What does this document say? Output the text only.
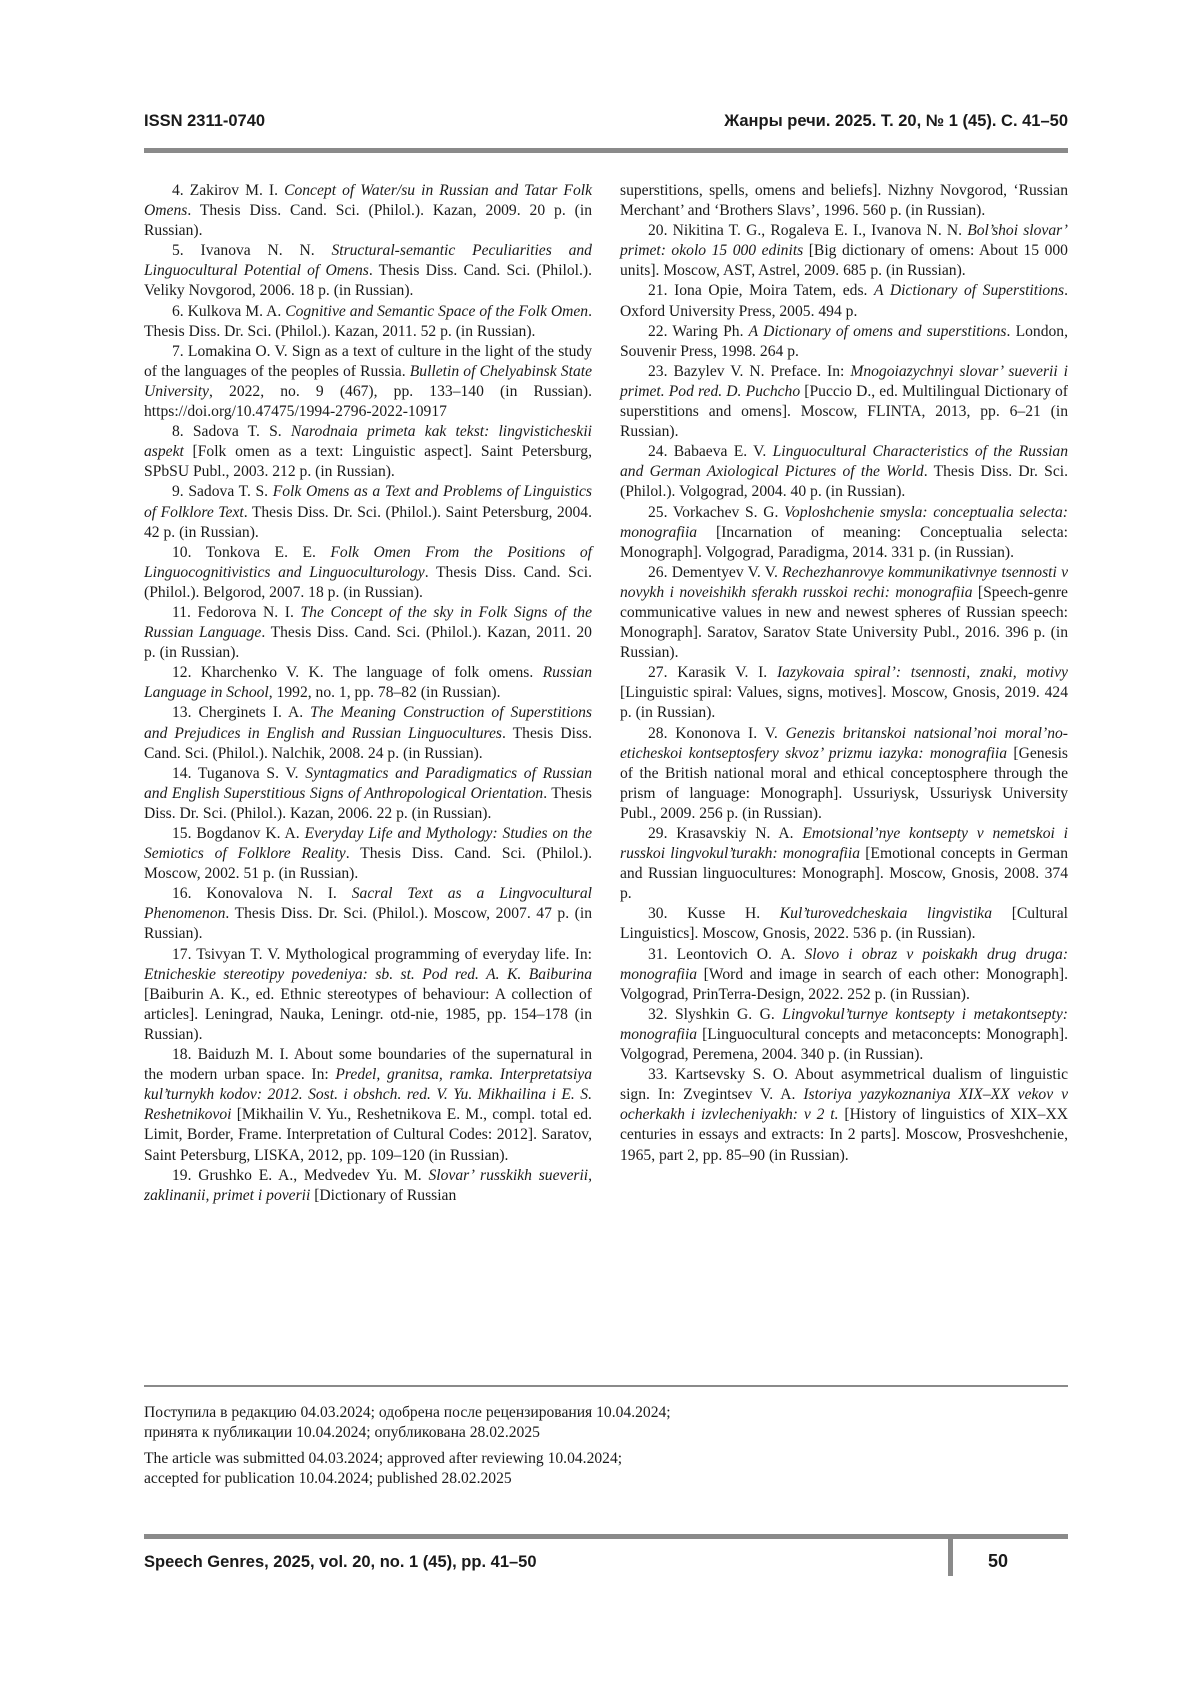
ISSN 2311-0740	Жанры речи. 2025. Т. 20, № 1 (45). С. 41–50

4. Zakirov M. I. Concept of Water/su in Russian and Tatar Folk Omens. Thesis Diss. Cand. Sci. (Philol.). Kazan, 2009. 20 p. (in Russian).

5. Ivanova N. N. Structural-semantic Peculiarities and Linguocultural Potential of Omens. Thesis Diss. Cand. Sci. (Philol.). Veliky Novgorod, 2006. 18 p. (in Russian).

6. Kulkova M. A. Cognitive and Semantic Space of the Folk Omen. Thesis Diss. Dr. Sci. (Philol.). Kazan, 2011. 52 p. (in Russian).

7. Lomakina O. V. Sign as a text of culture in the light of the study of the languages of the peoples of Russia. Bulletin of Chelyabinsk State University, 2022, no. 9 (467), pp. 133–140 (in Russian). https://doi.org/10.47475/1994-2796-2022-10917

8. Sadova T. S. Narodnaia primeta kak tekst: lingvisticheskii aspekt [Folk omen as a text: Linguistic aspect]. Saint Petersburg, SPbSU Publ., 2003. 212 p. (in Russian).

9. Sadova T. S. Folk Omens as a Text and Problems of Linguistics of Folklore Text. Thesis Diss. Dr. Sci. (Philol.). Saint Petersburg, 2004. 42 p. (in Russian).

10. Tonkova E. E. Folk Omen From the Positions of Linguocognitivistics and Linguoculturology. Thesis Diss. Cand. Sci. (Philol.). Belgorod, 2007. 18 p. (in Russian).

11. Fedorova N. I. The Concept of the sky in Folk Signs of the Russian Language. Thesis Diss. Cand. Sci. (Philol.). Kazan, 2011. 20 p. (in Russian).

12. Kharchenko V. K. The language of folk omens. Russian Language in School, 1992, no. 1, pp. 78–82 (in Russian).

13. Cherginets I. A. The Meaning Construction of Superstitions and Prejudices in English and Russian Linguocultures. Thesis Diss. Cand. Sci. (Philol.). Nalchik, 2008. 24 p. (in Russian).

14. Tuganova S. V. Syntagmatics and Paradigmatics of Russian and English Superstitious Signs of Anthropological Orientation. Thesis Diss. Dr. Sci. (Philol.). Kazan, 2006. 22 p. (in Russian).

15. Bogdanov K. A. Everyday Life and Mythology: Studies on the Semiotics of Folklore Reality. Thesis Diss. Cand. Sci. (Philol.). Moscow, 2002. 51 p. (in Russian).

16. Konovalova N. I. Sacral Text as a Lingvocultural Phenomenon. Thesis Diss. Dr. Sci. (Philol.). Moscow, 2007. 47 p. (in Russian).

17. Tsivyan T. V. Mythological programming of everyday life. In: Etnicheskie stereotipy povedeniya: sb. st. Pod red. A. K. Baiburina [Baiburin A. K., ed. Ethnic stereotypes of behaviour: A collection of articles]. Leningrad, Nauka, Leningr. otd-nie, 1985, pp. 154–178 (in Russian).

18. Baiduzh M. I. About some boundaries of the supernatural in the modern urban space. In: Predel, granitsa, ramka. Interpretatsiya kul’turnykh kodov: 2012. Sost. i obshch. red. V. Yu. Mikhailina i E. S. Reshetnikovoi [Mikhailin V. Yu., Reshetnikova E. M., compl. total ed. Limit, Border, Frame. Interpretation of Cultural Codes: 2012]. Saratov, Saint Petersburg, LISKA, 2012, pp. 109–120 (in Russian).

19. Grushko E. A., Medvedev Yu. M. Slovar’ russkikh sueverii, zaklinanii, primet i poverii [Dictionary of Russian

superstitions, spells, omens and beliefs]. Nizhny Novgorod, ‘Russian Merchant’ and ‘Brothers Slavs’, 1996. 560 p. (in Russian).

20. Nikitina T. G., Rogaleva E. I., Ivanova N. N. Bol’shoi slovar’ primet: okolo 15 000 edinits [Big dictionary of omens: About 15 000 units]. Moscow, AST, Astrel, 2009. 685 p. (in Russian).

21. Iona Opie, Moira Tatem, eds. A Dictionary of Superstitions. Oxford University Press, 2005. 494 p.

22. Waring Ph. A Dictionary of omens and superstitions. London, Souvenir Press, 1998. 264 p.

23. Bazylev V. N. Preface. In: Mnogoiazychnyi slovar’ sueverii i primet. Pod red. D. Puchcho [Puccio D., ed. Multilingual Dictionary of superstitions and omens]. Moscow, FLINTA, 2013, pp. 6–21 (in Russian).

24. Babaeva E. V. Linguocultural Characteristics of the Russian and German Axiological Pictures of the World. Thesis Diss. Dr. Sci. (Philol.). Volgograd, 2004. 40 p. (in Russian).

25. Vorkachev S. G. Voploshchenie smysla: conceptualia selecta: monografiia [Incarnation of meaning: Conceptualia selecta: Monograph]. Volgograd, Paradigma, 2014. 331 p. (in Russian).

26. Dementyev V. V. Rechezhanrovye kommunikativnye tsennosti v novykh i noveishikh sferakh russkoi rechi: monografiia [Speech-genre communicative values in new and newest spheres of Russian speech: Monograph]. Saratov, Saratov State University Publ., 2016. 396 p. (in Russian).

27. Karasik V. I. Iazykovaia spiral’: tsennosti, znaki, motivy [Linguistic spiral: Values, signs, motives]. Moscow, Gnosis, 2019. 424 p. (in Russian).

28. Kononova I. V. Genezis britanskoi natsional’noi moral’no-eticheskoi kontseptosfery skvoz’ prizmu iazyka: monografiia [Genesis of the British national moral and ethical conceptosphere through the prism of language: Monograph]. Ussuriysk, Ussuriysk University Publ., 2009. 256 p. (in Russian).

29. Krasavskiy N. A. Emotsional’nye kontsepty v nemetskoi i russkoi lingvokul’turakh: monografiia [Emotional concepts in German and Russian linguocultures: Monograph]. Moscow, Gnosis, 2008. 374 p.

30. Kusse H. Kul’turovedcheskaia lingvistika [Cultural Linguistics]. Moscow, Gnosis, 2022. 536 p. (in Russian).

31. Leontovich O. A. Slovo i obraz v poiskakh drug druga: monografiia [Word and image in search of each other: Monograph]. Volgograd, PrinTerra-Design, 2022. 252 p. (in Russian).

32. Slyshkin G. G. Lingvokul’turnye kontsepty i metakontsepty: monografiia [Linguocultural concepts and metaconcepts: Monograph]. Volgograd, Peremena, 2004. 340 p. (in Russian).

33. Kartsevsky S. O. About asymmetrical dualism of linguistic sign. In: Zvegintsev V. A. Istoriya yazykoznaniya XIX–XX vekov v ocherkakh i izvlecheniyakh: v 2 t. [History of linguistics of XIX–XX centuries in essays and extracts: In 2 parts]. Moscow, Prosveshchenie, 1965, part 2, pp. 85–90 (in Russian).

Поступила в редакцию 04.03.2024; одобрена после рецензирования 10.04.2024;
принята к публикации 10.04.2024; опубликована 28.02.2025

The article was submitted 04.03.2024; approved after reviewing 10.04.2024;
accepted for publication 10.04.2024; published 28.02.2025

Speech Genres, 2025, vol. 20, no. 1 (45), pp. 41–50	50
